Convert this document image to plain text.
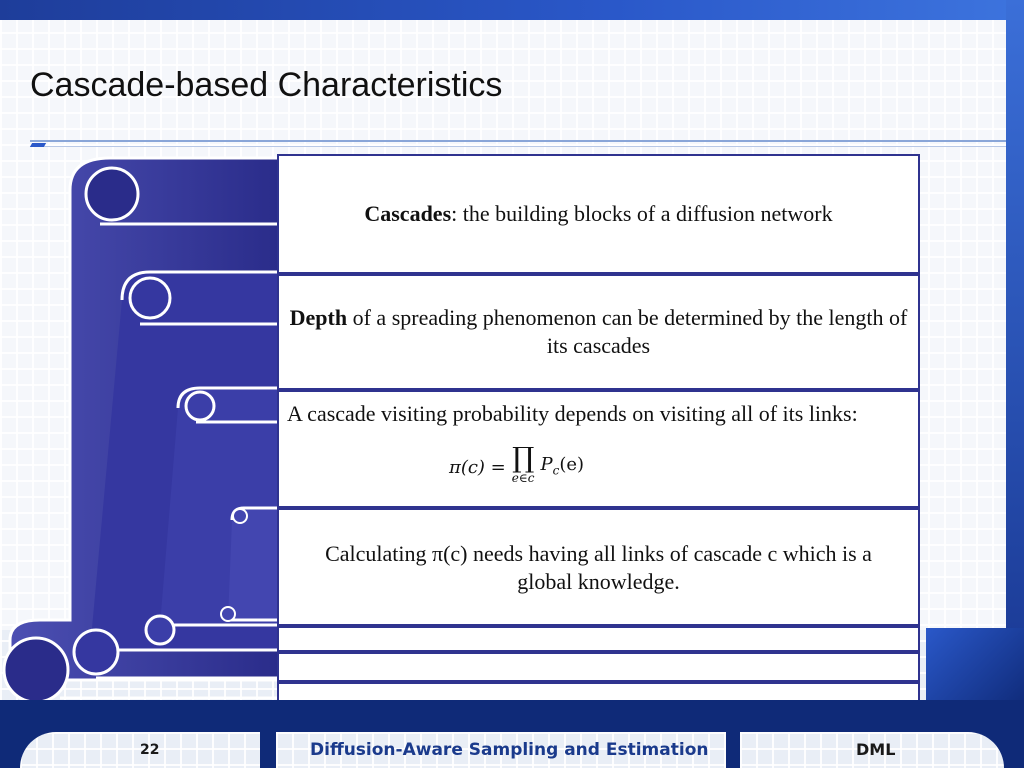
Cascade-based Characteristics
Cascades: the building blocks of a diffusion network
Depth of a spreading phenomenon can be determined by the length of its cascades
A cascade visiting probability depends on visiting all of its links:
π(c) = ∏
e∈c
$P_c(e)$
Calculating π(c) needs having all links of cascade c which is a global knowledge.
22	Diffusion-Aware Sampling and Estimation	DML
